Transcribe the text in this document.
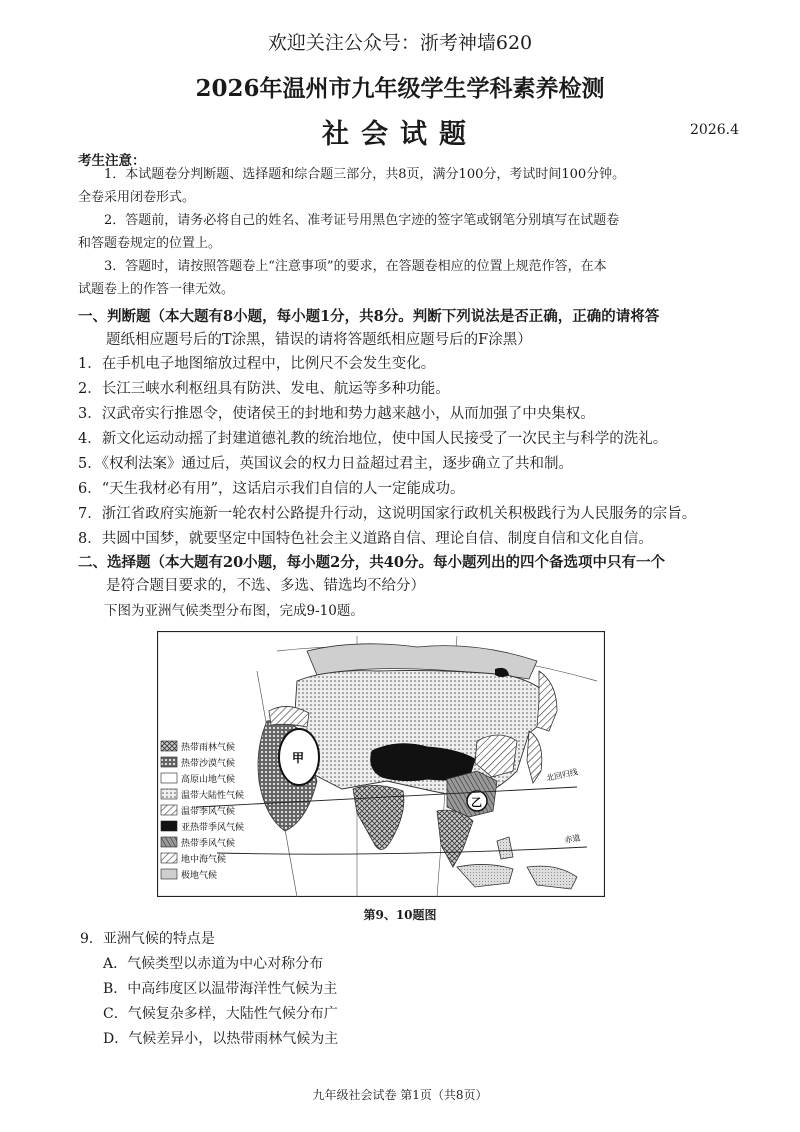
欢迎关注公众号：浙考神墙620
2026年温州市九年级学生学科素养检测
社会试题	2026.4
考生注意：
1．本试题卷分判断题、选择题和综合题三部分，共8页，满分100分，考试时间100分钟。
全卷采用闭卷形式。
2．答题前，请务必将自己的姓名、准考证号用黑色字迹的签字笔或钢笔分别填写在试题卷
和答题卷规定的位置上。
3．答题时，请按照答题卷上“注意事项”的要求，在答题卷相应的位置上规范作答，在本
试题卷上的作答一律无效。
一、判断题（本大题有8小题，每小题1分，共8分。判断下列说法是否正确，正确的请将答
题纸相应题号后的T涂黑，错误的请将答题纸相应题号后的F涂黑）
1．在手机电子地图缩放过程中，比例尺不会发生变化。
2．长江三峡水利枢纽具有防洪、发电、航运等多种功能。
3．汉武帝实行推恩令，使诸侯王的封地和势力越来越小，从而加强了中央集权。
4．新文化运动动摇了封建道德礼教的统治地位，使中国人民接受了一次民主与科学的洗礼。
5．《权利法案》通过后，英国议会的权力日益超过君主，逐步确立了共和制。
6．“天生我材必有用”，这话启示我们自信的人一定能成功。
7．浙江省政府实施新一轮农村公路提升行动，这说明国家行政机关积极践行为人民服务的宗旨。
8．共圆中国梦，就要坚定中国特色社会主义道路自信、理论自信、制度自信和文化自信。
二、选择题（本大题有20小题，每小题2分，共40分。每小题列出的四个备选项中只有一个
是符合题目要求的，不选、多选、错选均不给分）
下图为亚洲气候类型分布图，完成9-10题。
热带雨林气候
热带沙漠气候
高原山地气候
温带大陆性气候
温带季风气候
亚热带季风气候
热带季风气候
地中海气候
极地气候
甲
乙
北回归线
赤道
第9、10题图
9．亚洲气候的特点是
A．气候类型以赤道为中心对称分布
B．中高纬度区以温带海洋性气候为主
C．气候复杂多样，大陆性气候分布广
D．气候差异小，以热带雨林气候为主
九年级社会试卷 第1页（共8页）
